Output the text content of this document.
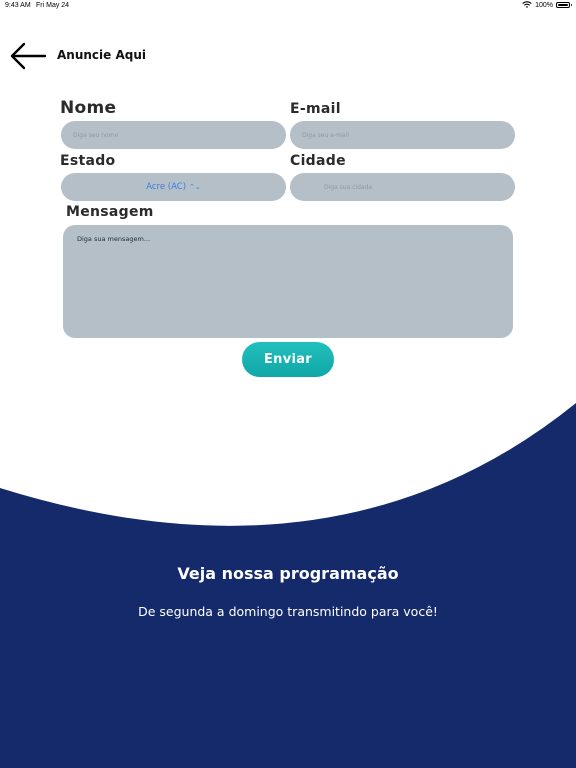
9:43 AM Fri May 24	100%
Anuncie Aqui
Nome
Diga seu nome	E-mail
Diga seu e-mail
Estado
Acre (AC) ⌃⌄
Cidade
Diga sua cidade
Mensagem
Diga sua mensagem...
Enviar
Veja nossa programação
De segunda a domingo transmitindo para você!
